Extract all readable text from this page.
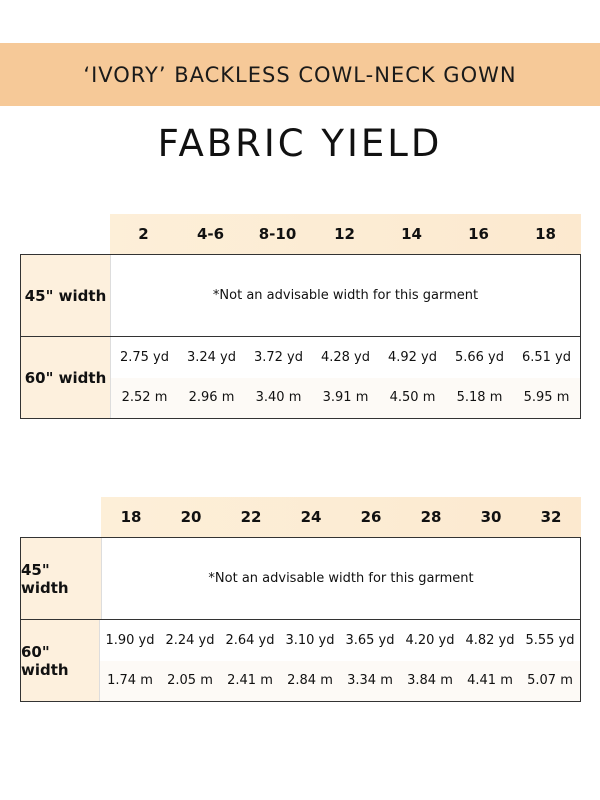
‘IVORY’ BACKLESS COWL-NECK GOWN
FABRIC YIELD
2	4-6	8-10	12	14	16	18
45" width	*Not an advisable width for this garment
60" width
2.75 yd	3.24 yd	3.72 yd	4.28 yd	4.92 yd	5.66 yd	6.51 yd
2.52 m	2.96 m	3.40 m	3.91 m	4.50 m	5.18 m	5.95 m
18	20	22	24	26	28	30	32
45" width	*Not an advisable width for this garment
60" width
1.90 yd 2.24 yd 2.64 yd 3.10 yd 3.65 yd 4.20 yd 4.82 yd 5.55 yd
1.74 m	2.05 m	2.41 m	2.84 m	3.34 m	3.84 m	4.41 m	5.07 m
